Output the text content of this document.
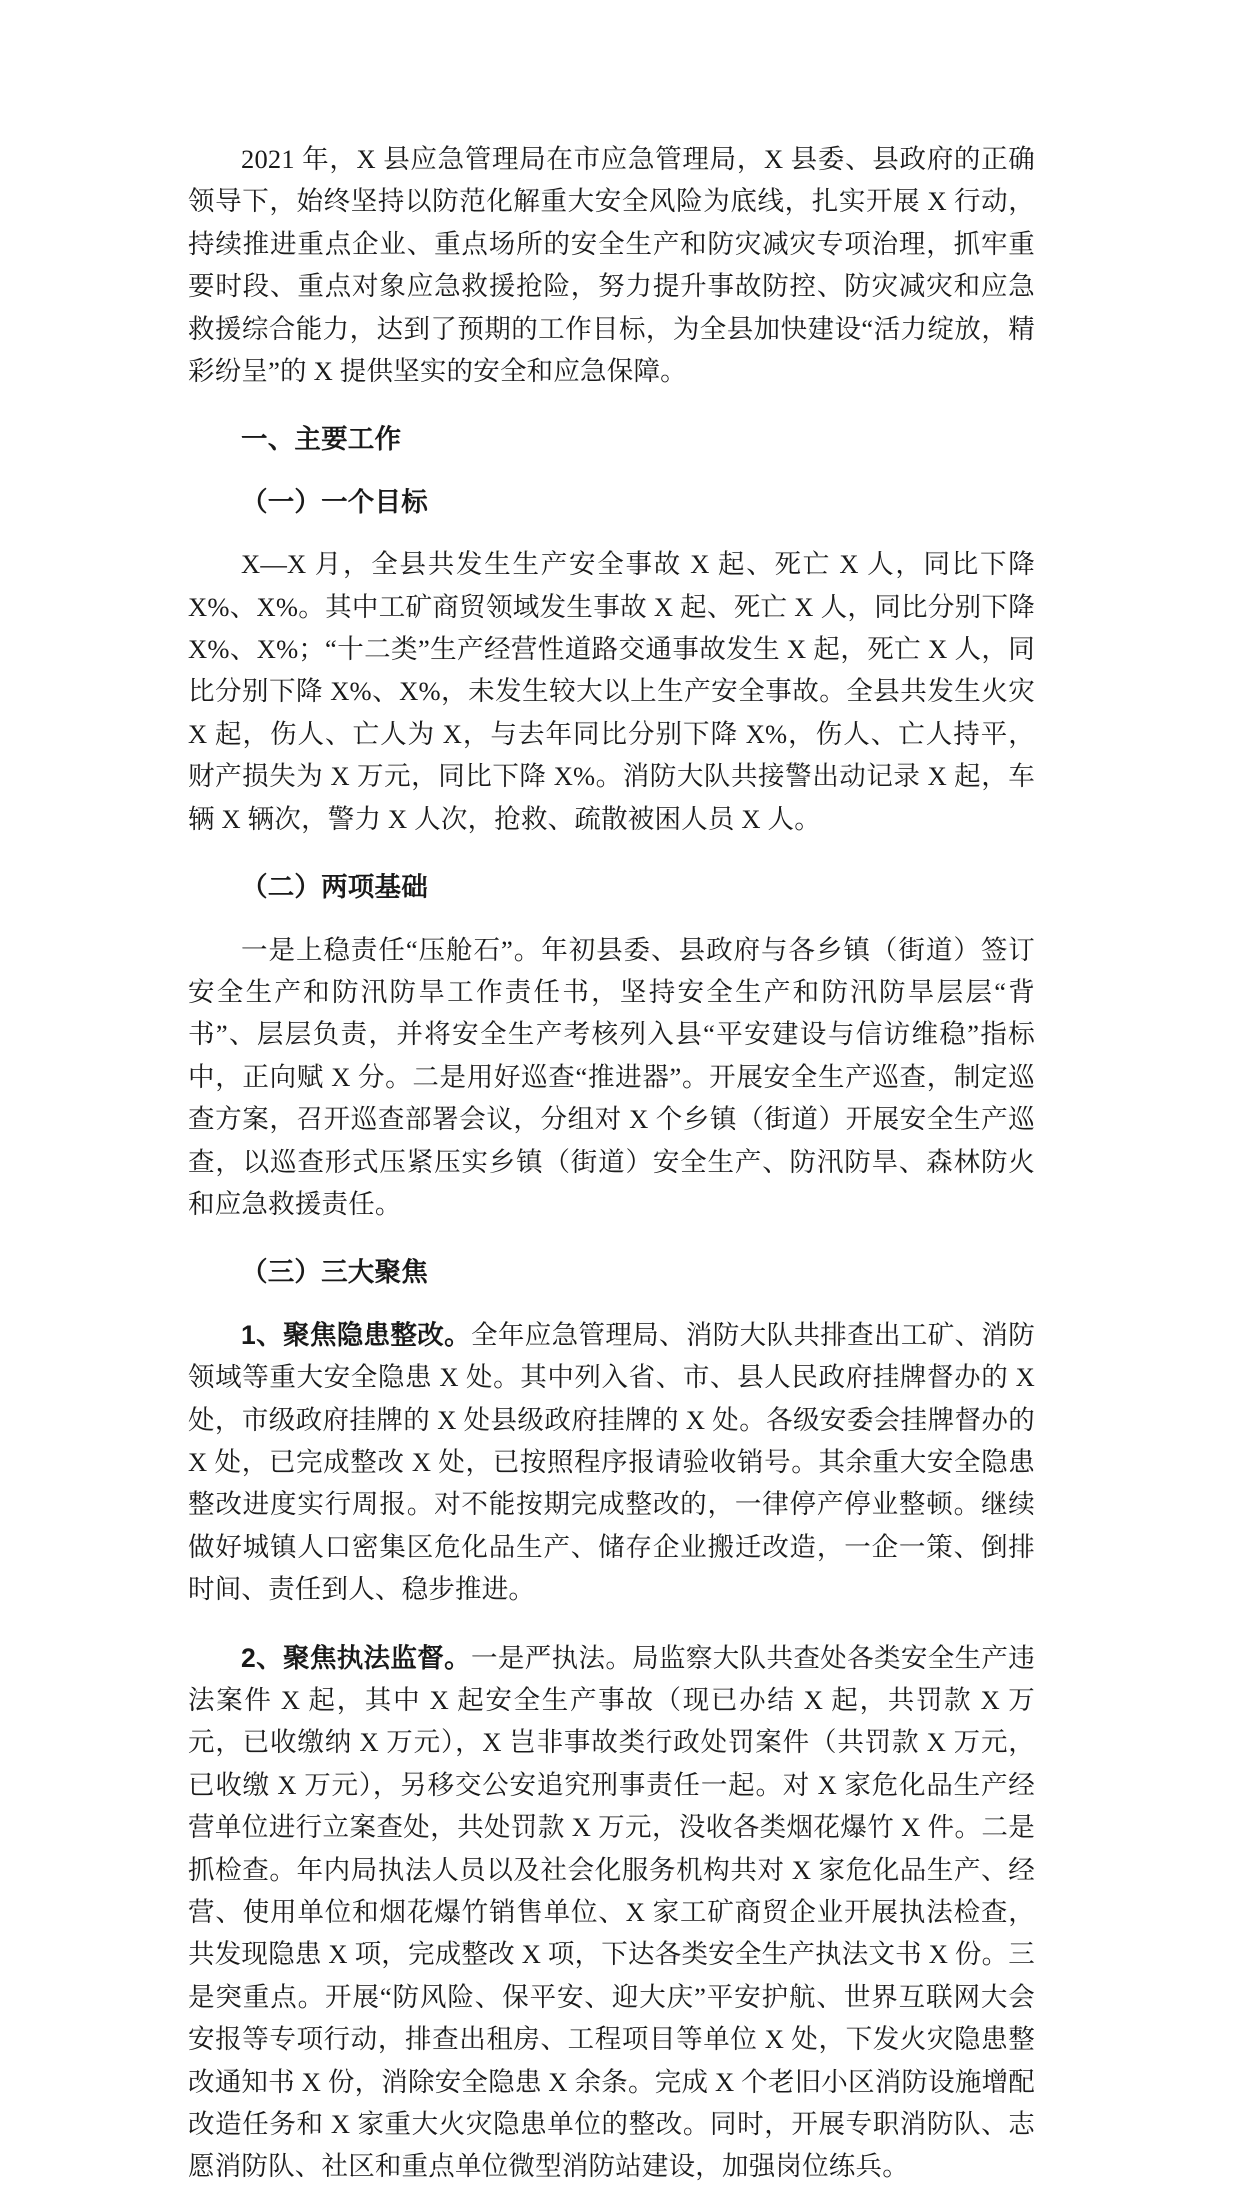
2021 年，X 县应急管理局在市应急管理局，X 县委、县政府的正确领导下，始终坚持以防范化解重大安全风险为底线，扎实开展 X 行动，持续推进重点企业、重点场所的安全生产和防灾减灾专项治理，抓牢重要时段、重点对象应急救援抢险，努力提升事故防控、防灾减灾和应急救援综合能力，达到了预期的工作目标，为全县加快建设“活力绽放，精彩纷呈”的 X 提供坚实的安全和应急保障。

一、主要工作
（一）一个目标

X—X 月，全县共发生生产安全事故 X 起、死亡 X 人，同比下降 X%、X%。其中工矿商贸领域发生事故 X 起、死亡 X 人，同比分别下降 X%、X%；“十二类”生产经营性道路交通事故发生 X 起，死亡 X 人，同比分别下降 X%、X%，未发生较大以上生产安全事故。全县共发生火灾 X 起，伤人、亡人为 X，与去年同比分别下降 X%，伤人、亡人持平，财产损失为 X 万元，同比下降 X%。消防大队共接警出动记录 X 起，车辆 X 辆次，警力 X 人次，抢救、疏散被困人员 X 人。

（二）两项基础

一是上稳责任“压舱石”。年初县委、县政府与各乡镇（街道）签订安全生产和防汛防旱工作责任书，坚持安全生产和防汛防旱层层“背书”、层层负责，并将安全生产考核列入县“平安建设与信访维稳”指标中，正向赋 X 分。二是用好巡查“推进器”。开展安全生产巡查，制定巡查方案，召开巡查部署会议，分组对 X 个乡镇（街道）开展安全生产巡查，以巡查形式压紧压实乡镇（街道）安全生产、防汛防旱、森林防火和应急救援责任。

（三）三大聚焦

1、聚焦隐患整改。全年应急管理局、消防大队共排查出工矿、消防领域等重大安全隐患 X 处。其中列入省、市、县人民政府挂牌督办的 X 处，市级政府挂牌的 X 处县级政府挂牌的 X 处。各级安委会挂牌督办的 X 处，已完成整改 X 处，已按照程序报请验收销号。其余重大安全隐患整改进度实行周报。对不能按期完成整改的，一律停产停业整顿。继续做好城镇人口密集区危化品生产、储存企业搬迁改造，一企一策、倒排时间、责任到人、稳步推进。

2、聚焦执法监督。一是严执法。局监察大队共查处各类安全生产违法案件 X 起，其中 X 起安全生产事故（现已办结 X 起，共罚款 X 万元，已收缴纳 X 万元），X 岂非事故类行政处罚案件（共罚款 X 万元，已收缴 X 万元），另移交公安追究刑事责任一起。对 X 家危化品生产经营单位进行立案查处，共处罚款 X 万元，没收各类烟花爆竹 X 件。二是抓检查。年内局执法人员以及社会化服务机构共对 X 家危化品生产、经营、使用单位和烟花爆竹销售单位、X 家工矿商贸企业开展执法检查，共发现隐患 X 项，完成整改 X 项，下达各类安全生产执法文书 X 份。三是突重点。开展“防风险、保平安、迎大庆”平安护航、世界互联网大会安报等专项行动，排查出租房、工程项目等单位 X 处，下发火灾隐患整改通知书 X 份，消除安全隐患 X 余条。完成 X 个老旧小区消防设施增配改造任务和 X 家重大火灾隐患单位的整改。同时，开展专职消防队、志愿消防队、社区和重点单位微型消防站建设，加强岗位练兵。
